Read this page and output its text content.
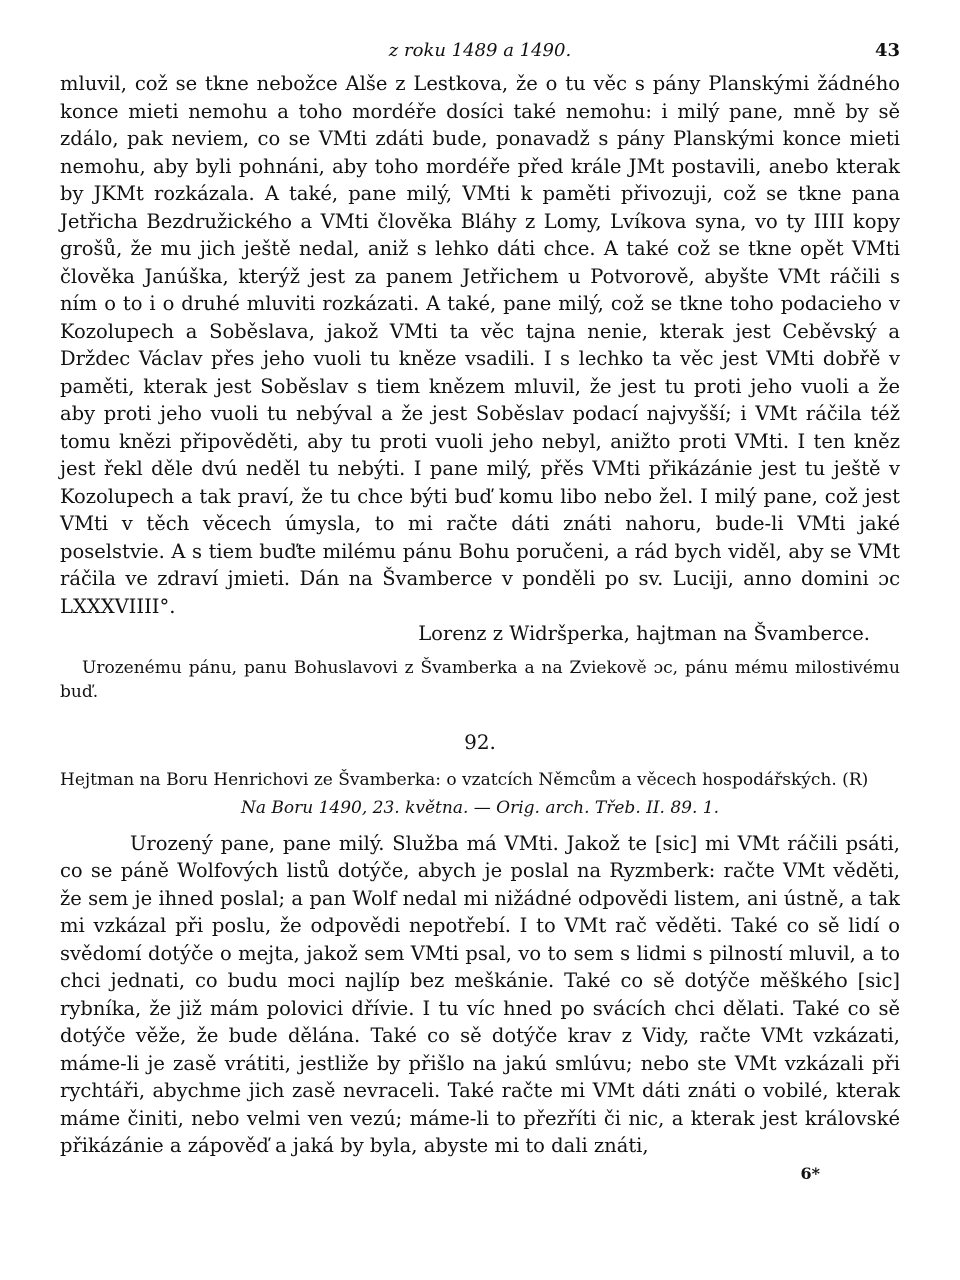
z roku 1489 a 1490.	43

mluvil, což se tkne nebožce Alše z Lestkova, že o tu věc s pány Planskými žádného konce mieti nemohu a toho mordéře dosíci také nemohu: i milý pane, mně by sě zdálo, pak neviem, co se VMti zdáti bude, ponavadž s pány Planskými konce mieti nemohu, aby byli pohnáni, aby toho mordéře před krále JMt postavili, anebo kterak by JKMt rozkázala. A také, pane milý, VMti k paměti přivozuji, což se tkne pana Jetřicha Bezdružického a VMti člověka Bláhy z Lomy, Lvíkova syna, vo ty IIII kopy grošů, že mu jich ještě nedal, aniž s lehko dáti chce. A také což se tkne opět VMti člověka Janúška, kterýž jest za panem Jetřichem u Potvorově, abyšte VMt ráčili s ním o to i o druhé mluviti rozkázati. A také, pane milý, což se tkne toho podacieho v Kozolupech a Soběslava, jakož VMti ta věc tajna nenie, kterak jest Ceběvský a Drždec Václav přes jeho vuoli tu kněze vsadili. I s lechko ta věc jest VMti dobřě v paměti, kterak jest Soběslav s tiem knězem mluvil, že jest tu proti jeho vuoli a že aby proti jeho vuoli tu nebýval a že jest Soběslav podací najvyšší; i VMt ráčila též tomu knězi připověděti, aby tu proti vuoli jeho nebyl, anižto proti VMti. I ten kněz jest řekl děle dvú neděl tu nebýti. I pane milý, přěs VMti přikázánie jest tu ještě v Kozolupech a tak praví, že tu chce býti buď komu libo nebo žel. I milý pane, což jest VMti v těch věcech úmysla, to mi račte dáti znáti nahoru, bude-li VMti jaké poselstvie. A s tiem buďte milému pánu Bohu poručeni, a rád bych viděl, aby se VMt ráčila ve zdraví jmieti. Dán na Švamberce v ponděli po sv. Luciji, anno domini ɔc LXXXVIIII°.

Lorenz z Widršperka, hajtman na Švamberce.

Urozenému pánu, panu Bohuslavovi z Švamberka a na Zviekově ɔc, pánu mému milostivému buď.

92.

Hejtman na Boru Henrichovi ze Švamberka: o vzatcích Němcům a věcech hospodářských. (R)

Na Boru 1490, 23. května. — Orig. arch. Třeb. II. 89. 1.

Urozený pane, pane milý. Služba má VMti. Jakož te [sic] mi VMt ráčili psáti, co se páně Wolfových listů dotýče, abych je poslal na Ryzmberk: račte VMt věděti, že sem je ihned poslal; a pan Wolf nedal mi nižádné odpovědi listem, ani ústně, a tak mi vzkázal při poslu, že odpovědi nepotřebí. I to VMt rač věděti. Také co sě lidí o svědomí dotýče o mejta, jakož sem VMti psal, vo to sem s lidmi s pilností mluvil, a to chci jednati, co budu moci najlíp bez meškánie. Také co sě dotýče měškého [sic] rybníka, že již mám polovici dřívie. I tu víc hned po svácích chci dělati. Také co sě dotýče věže, že bude dělána. Také co sě dotýče krav z Vidy, račte VMt vzkázati, máme-li je zasě vrátiti, jestliže by přišlo na jakú smlúvu; nebo ste VMt vzkázali při rychtáři, abychme jich zasě nevraceli. Také račte mi VMt dáti znáti o vobilé, kterak máme činiti, nebo velmi ven vezú; máme-li to přezříti či nic, a kterak jest královské přikázánie a zápověď a jaká by byla, abyste mi to dali znáti,

6*
